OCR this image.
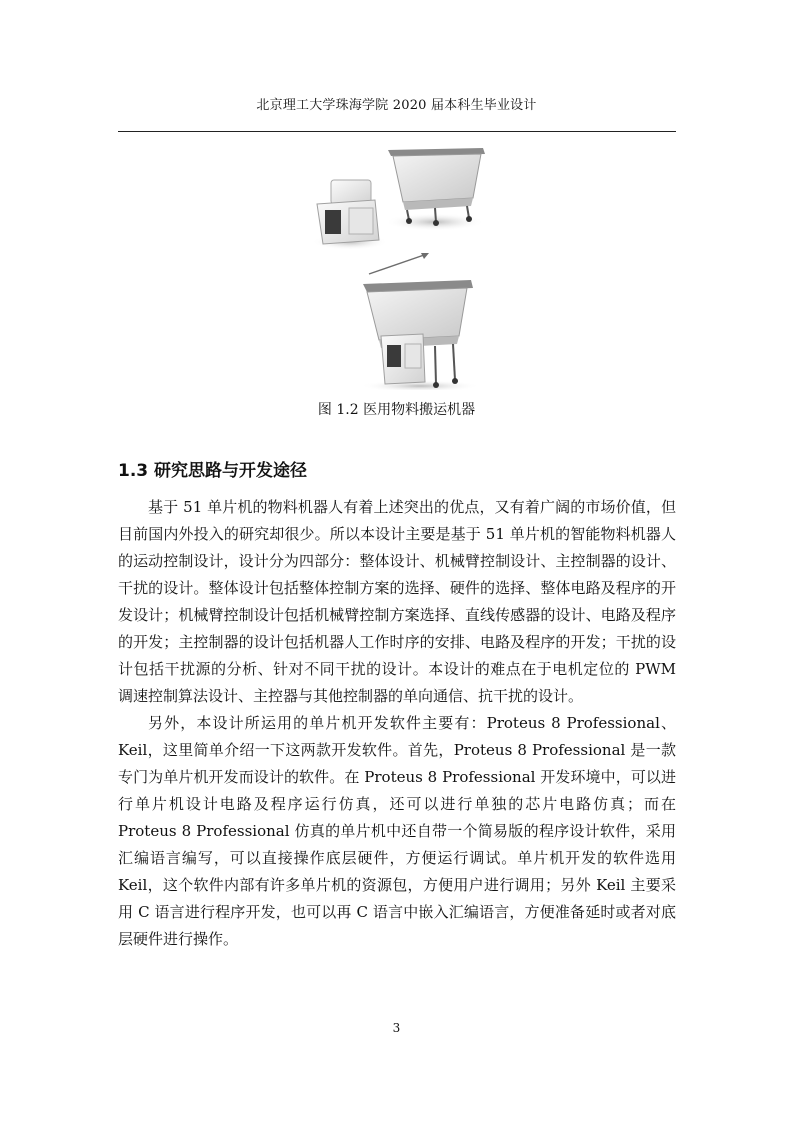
北京理工大学珠海学院 2020 届本科生毕业设计
图 1.2 医用物料搬运机器
1.3 研究思路与开发途径

基于 51 单片机的物料机器人有着上述突出的优点，又有着广阔的市场价值，但目前国内外投入的研究却很少。所以本设计主要是基于 51 单片机的智能物料机器人的运动控制设计，设计分为四部分：整体设计、机械臂控制设计、主控制器的设计、干扰的设计。整体设计包括整体控制方案的选择、硬件的选择、整体电路及程序的开发设计；机械臂控制设计包括机械臂控制方案选择、直线传感器的设计、电路及程序的开发；主控制器的设计包括机器人工作时序的安排、电路及程序的开发；干扰的设计包括干扰源的分析、针对不同干扰的设计。本设计的难点在于电机定位的 PWM 调速控制算法设计、主控器与其他控制器的单向通信、抗干扰的设计。

另外，本设计所运用的单片机开发软件主要有：Proteus 8 Professional、Keil，这里简单介绍一下这两款开发软件。首先，Proteus 8 Professional 是一款专门为单片机开发而设计的软件。在 Proteus 8 Professional 开发环境中，可以进行单片机设计电路及程序运行仿真，还可以进行单独的芯片电路仿真；而在 Proteus 8 Professional 仿真的单片机中还自带一个简易版的程序设计软件，采用汇编语言编写，可以直接操作底层硬件，方便运行调试。单片机开发的软件选用 Keil，这个软件内部有许多单片机的资源包，方便用户进行调用；另外 Keil 主要采用 C 语言进行程序开发，也可以再 C 语言中嵌入汇编语言，方便准备延时或者对底层硬件进行操作。

3
